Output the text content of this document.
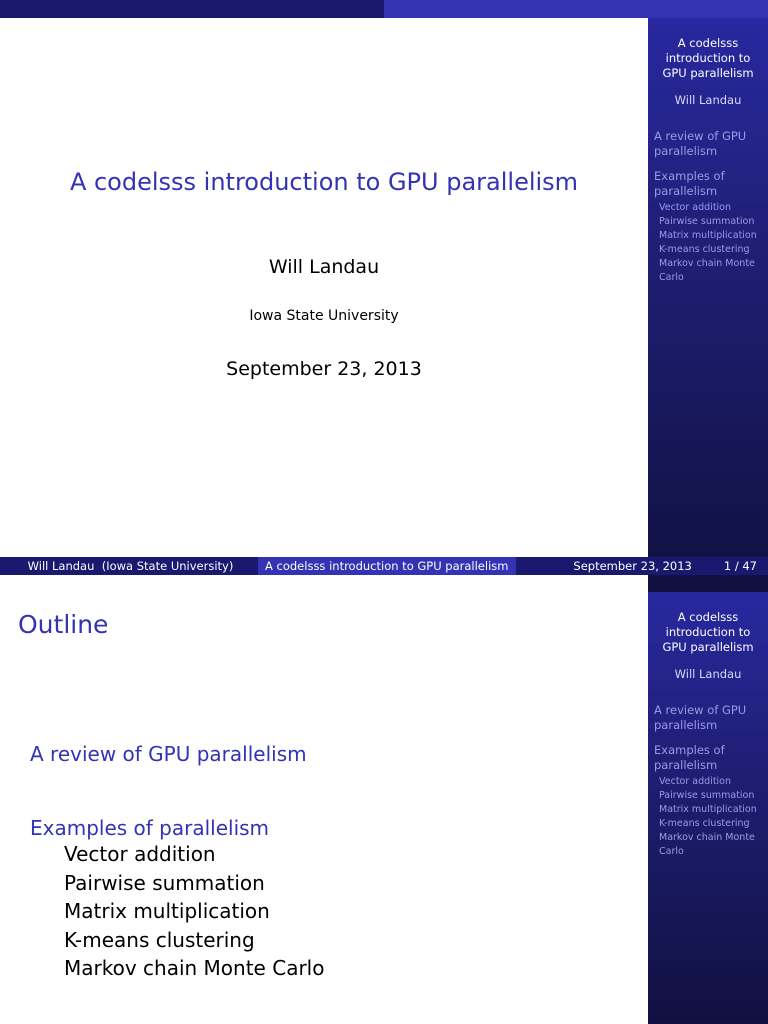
A codelsss introduction to GPU parallelism
Will Landau
A review of GPU parallelism
Examples of parallelism
Vector addition
Pairwise summation
Matrix multiplication
K-means clustering
Markov chain Monte Carlo
A codelsss introduction to GPU parallelism
Will Landau
Iowa State University
September 23, 2013
Will Landau  (Iowa State University)	A codelsss introduction to GPU parallelism	September 23, 2013	1 / 47
A codelsss introduction to GPU parallelism
Will Landau
A review of GPU parallelism
Examples of parallelism
Vector addition
Pairwise summation
Matrix multiplication
K-means clustering
Markov chain Monte Carlo
Outline
A review of GPU parallelism
Examples of parallelism
Vector addition
Pairwise summation
Matrix multiplication
K-means clustering
Markov chain Monte Carlo
